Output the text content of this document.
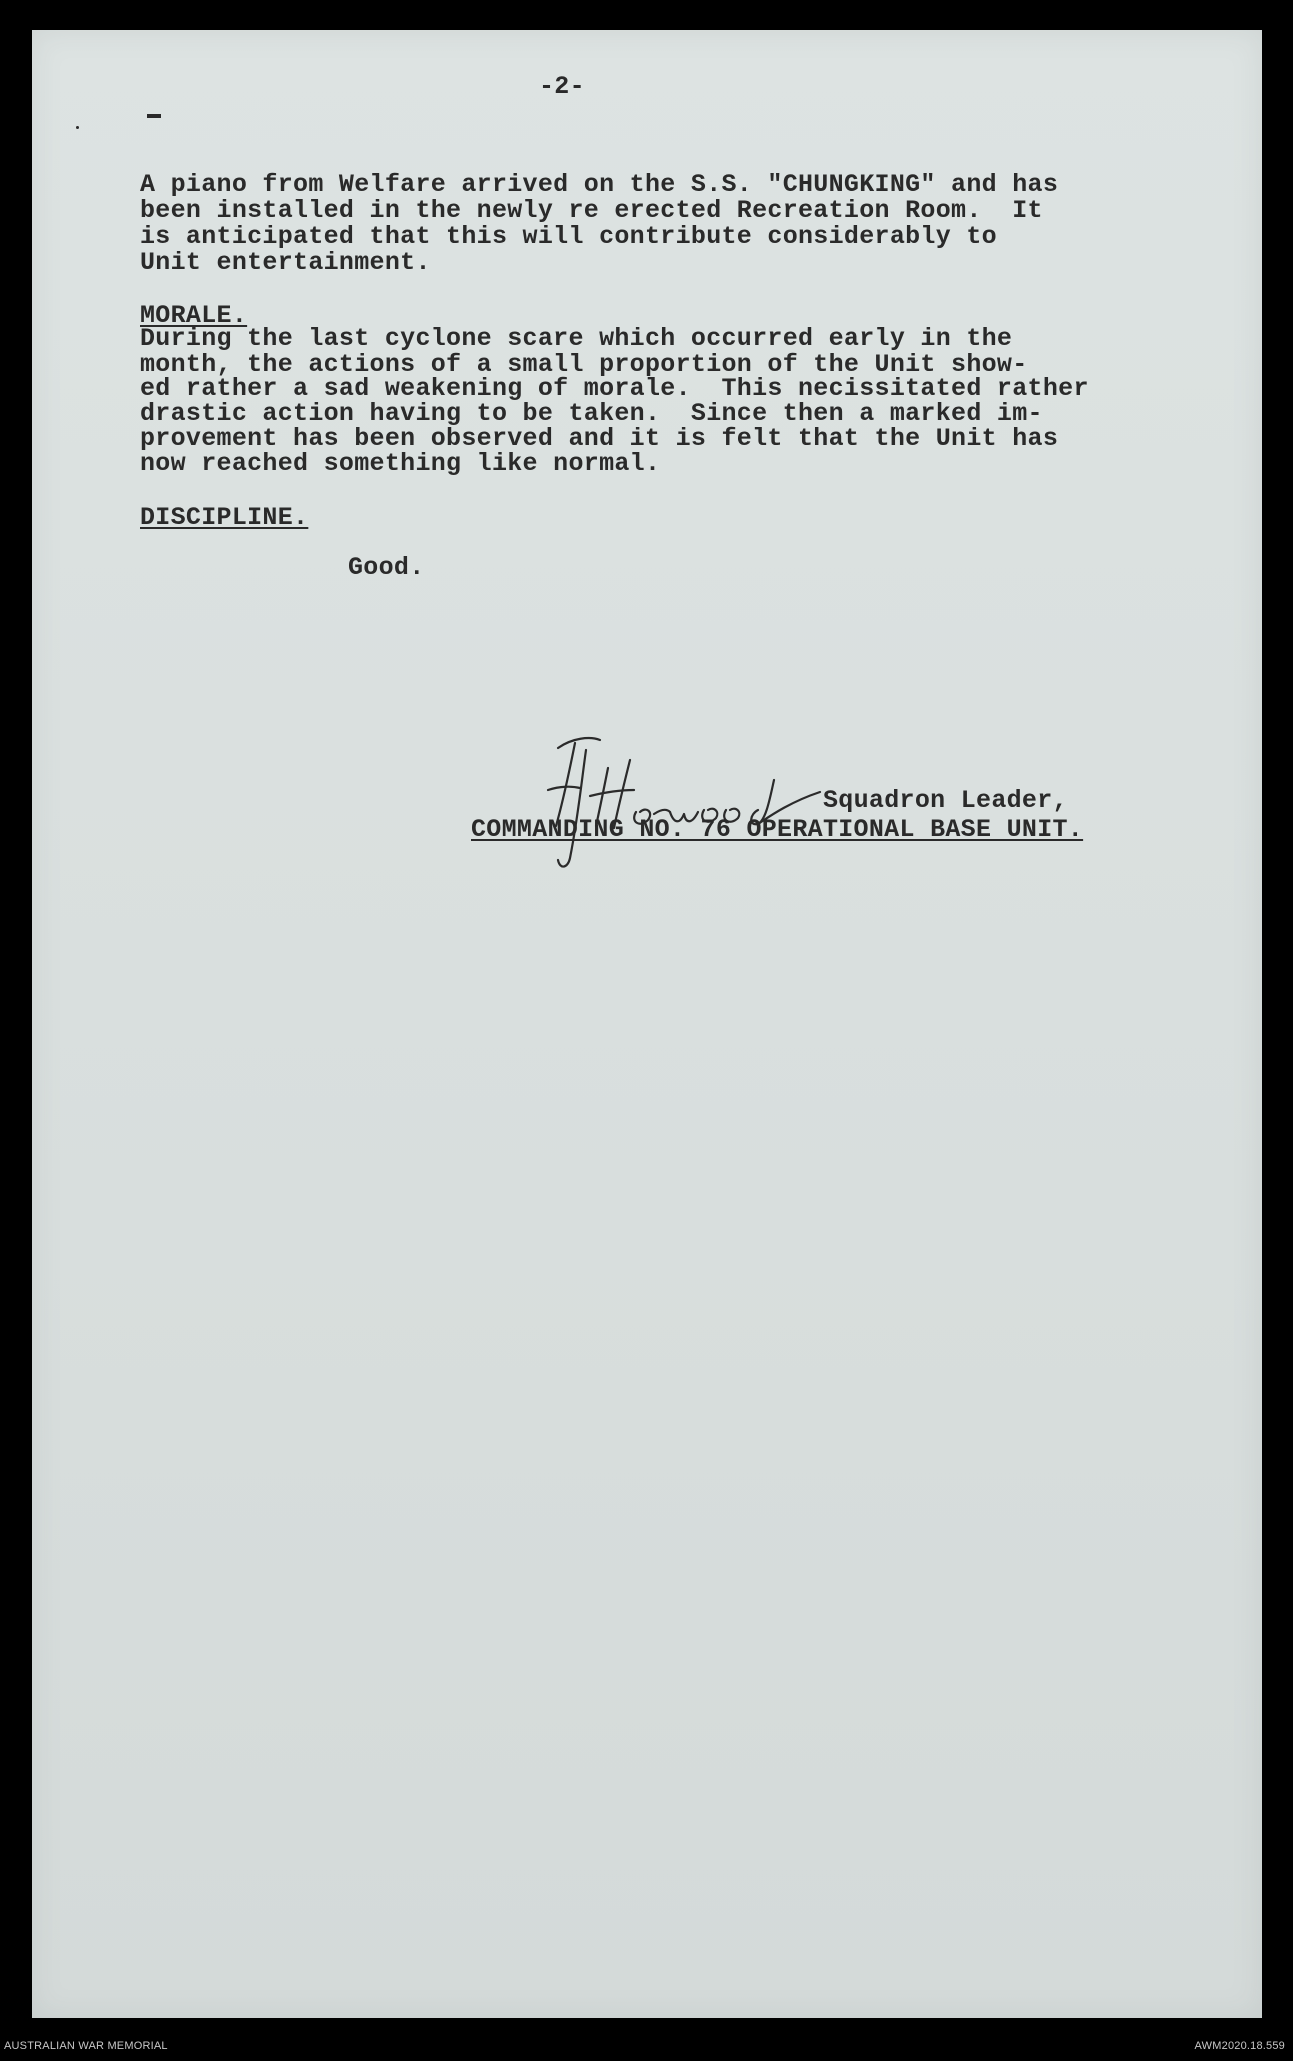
-2-

A piano from Welfare arrived on the S.S. "CHUNGKING" and has

been installed in the newly re erected Recreation Room.  It

is anticipated that this will contribute considerably to

Unit entertainment.

MORALE.

During the last cyclone scare which occurred early in the

month, the actions of a small proportion of the Unit show-

ed rather a sad weakening of morale.  This necissitated rather

drastic action having to be taken.  Since then a marked im-

provement has been observed and it is felt that the Unit has

now reached something like normal.

DISCIPLINE.

Good.

Squadron Leader,

COMMANDING NO. 76 OPERATIONAL BASE UNIT.

AUSTRALIAN WAR MEMORIAL	AWM2020.18.559
